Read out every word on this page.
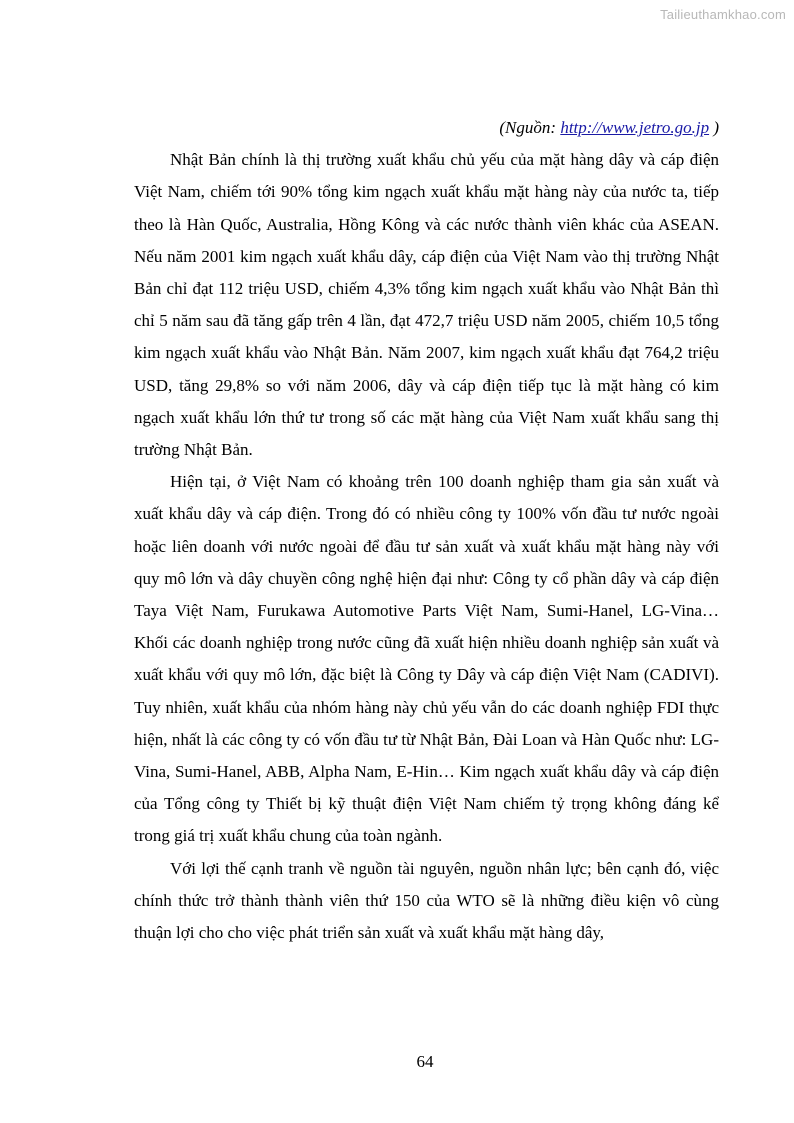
Tailieuthamkhao.com

(Nguồn: http://www.jetro.go.jp )

Nhật Bản chính là thị trường xuất khẩu chủ yếu của mặt hàng dây và cáp điện Việt Nam, chiếm tới 90% tổng kim ngạch xuất khẩu mặt hàng này của nước ta, tiếp theo là Hàn Quốc, Australia, Hồng Kông và các nước thành viên khác của ASEAN. Nếu năm 2001 kim ngạch xuất khẩu dây, cáp điện của Việt Nam vào thị trường Nhật Bản chỉ đạt 112 triệu USD, chiếm 4,3% tổng kim ngạch xuất khẩu vào Nhật Bản thì chỉ 5 năm sau đã tăng gấp trên 4 lần, đạt 472,7 triệu USD năm 2005, chiếm 10,5 tổng kim ngạch xuất khẩu vào Nhật Bản. Năm 2007, kim ngạch xuất khẩu đạt 764,2 triệu USD, tăng 29,8% so với năm 2006, dây và cáp điện tiếp tục là mặt hàng có kim ngạch xuất khẩu lớn thứ tư trong số các mặt hàng của Việt Nam xuất khẩu sang thị trường Nhật Bản.

Hiện tại, ở Việt Nam có khoảng trên 100 doanh nghiệp tham gia sản xuất và xuất khẩu dây và cáp điện. Trong đó có nhiều công ty 100% vốn đầu tư nước ngoài hoặc liên doanh với nước ngoài để đầu tư sản xuất và xuất khẩu mặt hàng này với quy mô lớn và dây chuyền công nghệ hiện đại như: Công ty cổ phần dây và cáp điện Taya Việt Nam, Furukawa Automotive Parts Việt Nam, Sumi-Hanel, LG-Vina… Khối các doanh nghiệp trong nước cũng đã xuất hiện nhiều doanh nghiệp sản xuất và xuất khẩu với quy mô lớn, đặc biệt là Công ty Dây và cáp điện Việt Nam (CADIVI). Tuy nhiên, xuất khẩu của nhóm hàng này chủ yếu vẫn do các doanh nghiệp FDI thực hiện, nhất là các công ty có vốn đầu tư từ Nhật Bản, Đài Loan và Hàn Quốc như: LG-Vina, Sumi-Hanel, ABB, Alpha Nam, E-Hin… Kim ngạch xuất khẩu dây và cáp điện của Tổng công ty Thiết bị kỹ thuật điện Việt Nam chiếm tỷ trọng không đáng kể trong giá trị xuất khẩu chung của toàn ngành.

Với lợi thế cạnh tranh về nguồn tài nguyên, nguồn nhân lực; bên cạnh đó, việc chính thức trở thành thành viên thứ 150 của WTO sẽ là những điều kiện vô cùng thuận lợi cho cho việc phát triển sản xuất và xuất khẩu mặt hàng dây,

64
